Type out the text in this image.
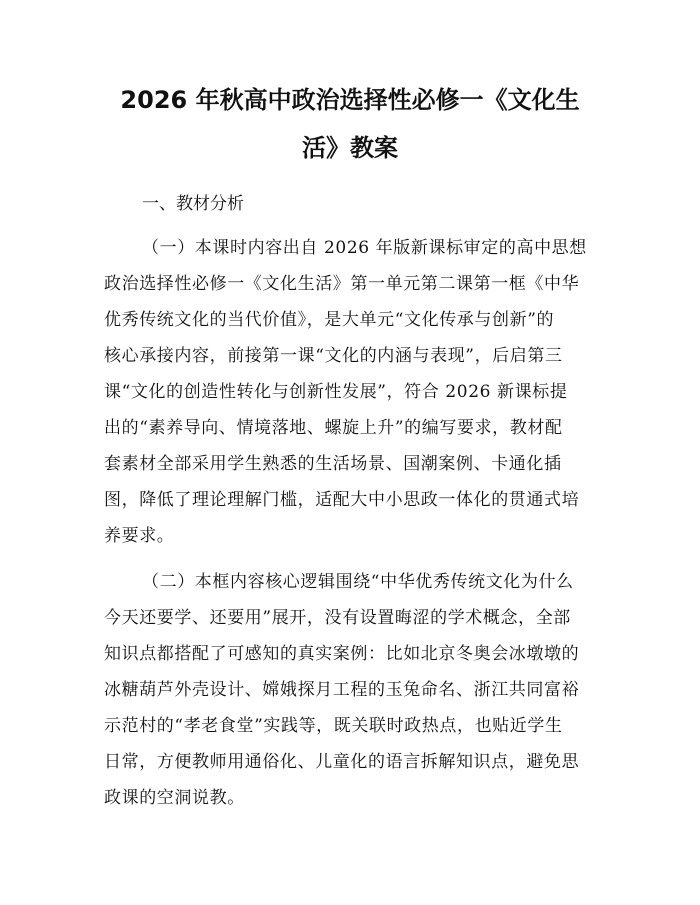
2026 年秋高中政治选择性必修一《文化生
活》教案
一、教材分析
（一）本课时内容出自 2026 年版新课标审定的高中思想
政治选择性必修一《文化生活》第一单元第二课第一框《中华
优秀传统文化的当代价值》，是大单元“文化传承与创新”的
核心承接内容，前接第一课“文化的内涵与表现”，后启第三
课“文化的创造性转化与创新性发展”，符合 2026 新课标提
出的“素养导向、情境落地、螺旋上升”的编写要求，教材配
套素材全部采用学生熟悉的生活场景、国潮案例、卡通化插
图，降低了理论理解门槛，适配大中小思政一体化的贯通式培
养要求。
（二）本框内容核心逻辑围绕“中华优秀传统文化为什么
今天还要学、还要用”展开，没有设置晦涩的学术概念，全部
知识点都搭配了可感知的真实案例：比如北京冬奥会冰墩墩的
冰糖葫芦外壳设计、嫦娥探月工程的玉兔命名、浙江共同富裕
示范村的“孝老食堂”实践等，既关联时政热点，也贴近学生
日常，方便教师用通俗化、儿童化的语言拆解知识点，避免思
政课的空洞说教。
